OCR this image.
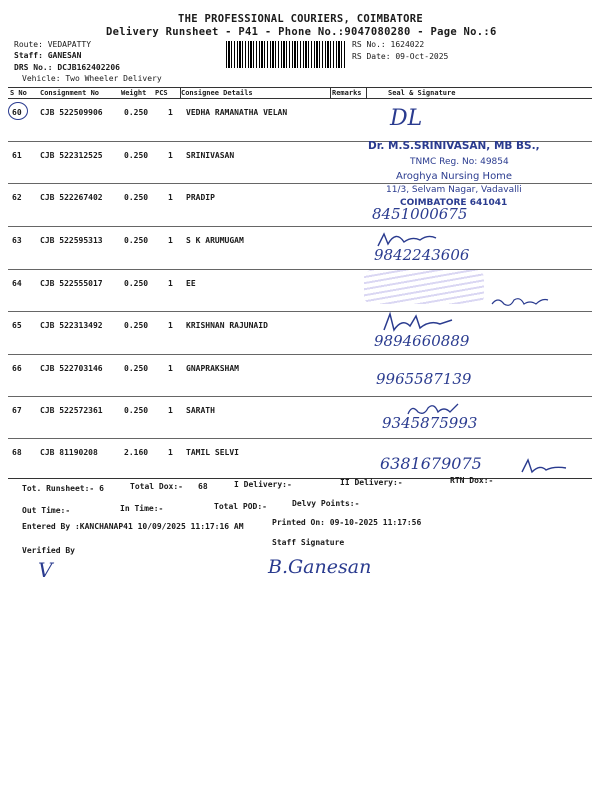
THE PROFESSIONAL COURIERS, COIMBATORE
Delivery Runsheet - P41 - Phone No.:9047080280 - Page No.:6
Route: VEDAPATTY
Staff: GANESAN
DRS No.: DCJB162402206
Vehicle: Two Wheeler Delivery
RS No.: 1624022
RS Date: 09-Oct-2025
S No Consignment No	Weight PCS Consignee Details	Remarks	Seal & Signature
60 CJB 522509906	0.250 1 VEDHA RAMANATHA VELAN
61 CJB 522312525	0.250 1 SRINIVASAN
62 CJB 522267402	0.250 1 PRADIP
63 CJB 522595313	0.250 1 S K ARUMUGAM
64 CJB 522555017	0.250 1 EE
65 CJB 522313492	0.250 1 KRISHNAN RAJUNAID
66 CJB 522703146	0.250 1 GNAPRAKSHAM
67 CJB 522572361	0.250 1 SARATH
68 CJB 81190208	2.160 1 TAMIL SELVI
DL
Dr. M.S.SRINIVASAN, MB BS.,
TNMC Reg. No: 49854
Aroghya Nursing Home
11/3, Selvam Nagar, Vadavalli
COIMBATORE 641041
8451000675
9842243606
9894660889
9965587139
9345875993
6381679075
Tot. Runsheet:- 6	Total Dox:- 68	I Delivery:-	II Delivery:-	RTN Dox:-
Out Time:-	In Time:-	Total POD:-	Delvy Points:-
Entered By :KANCHANAP41 10/09/2025 11:17:16 AM	Printed On: 09-10-2025 11:17:56
Verified By
Staff Signature
V	B.Ganesan
